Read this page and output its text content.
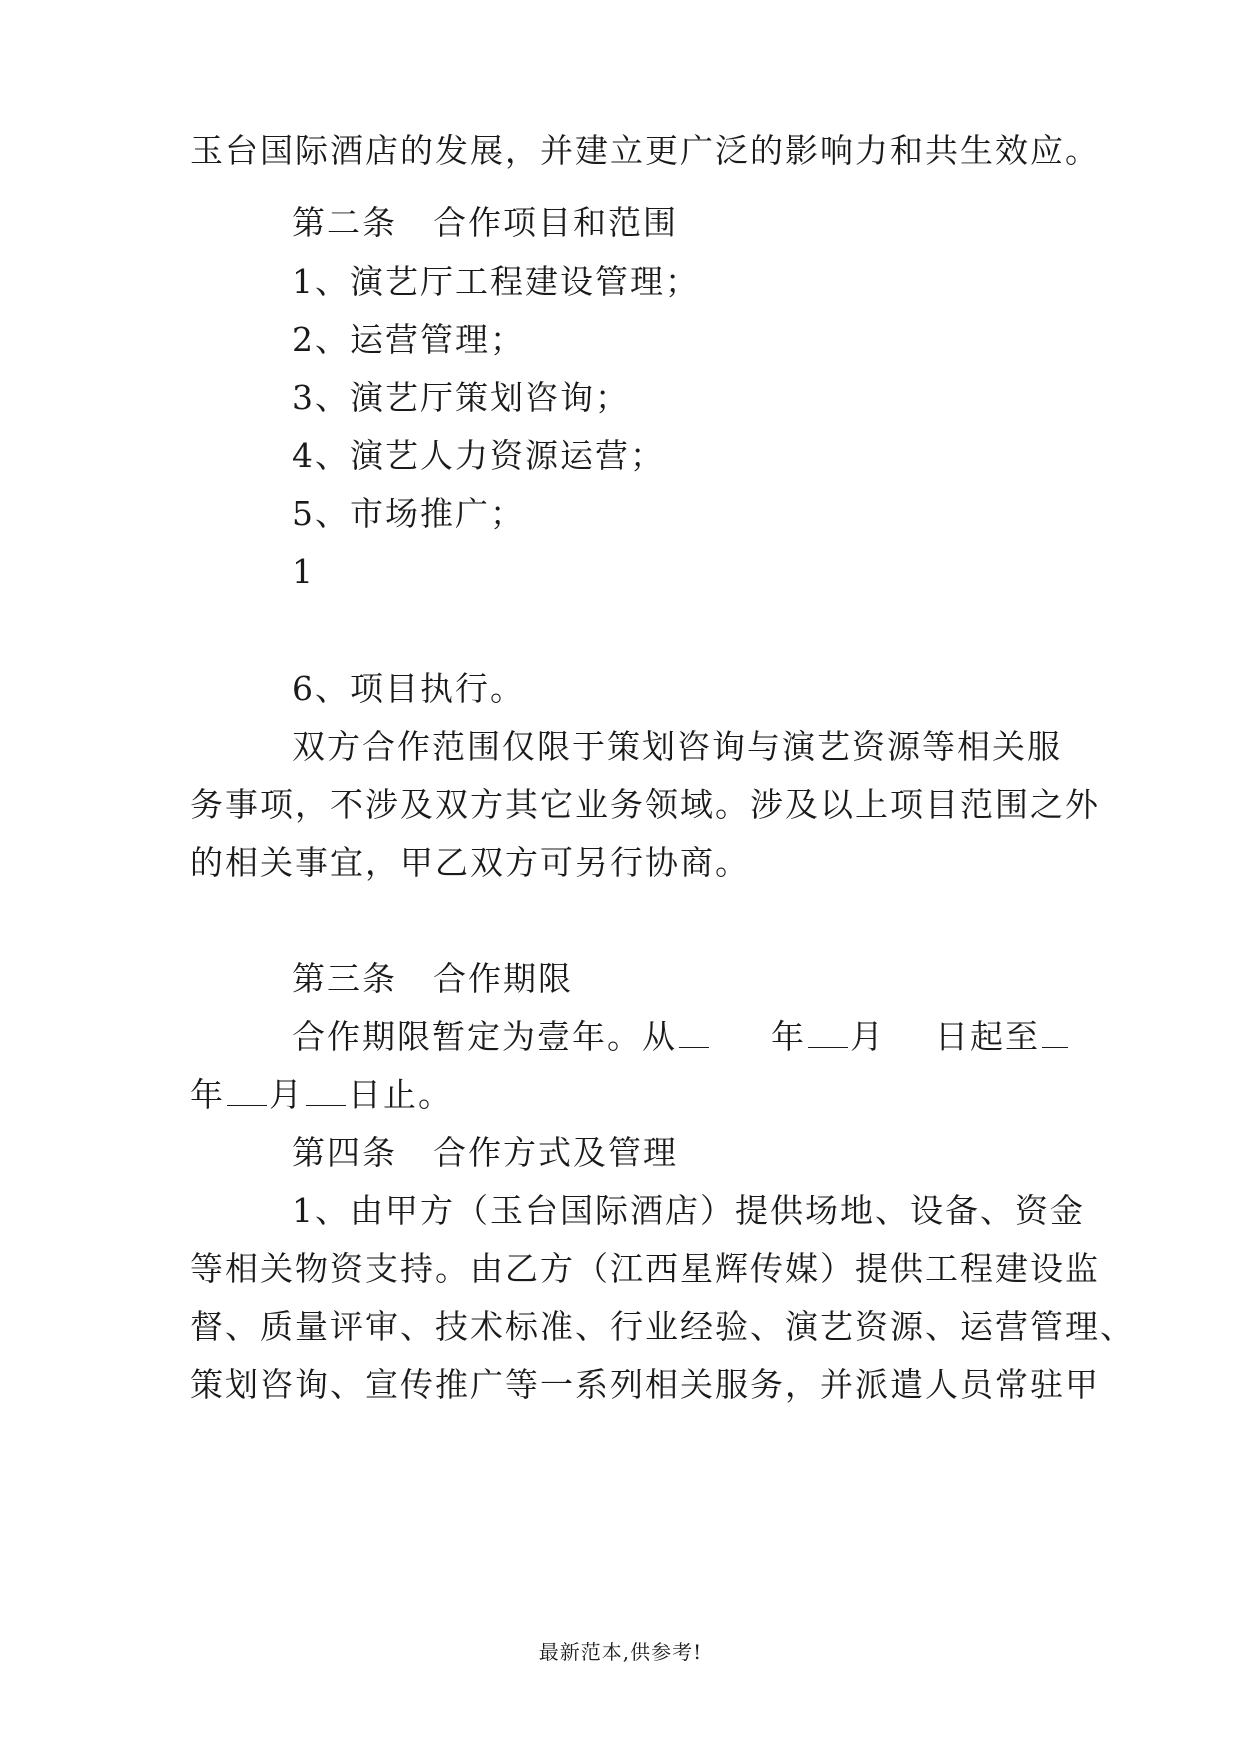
玉台国际酒店的发展，并建立更广泛的影响力和共生效应。
第二条 合作项目和范围
1、演艺厅工程建设管理；
2、运营管理；
3、演艺厅策划咨询；
4、演艺人力资源运营；
5、市场推广；
1
6、项目执行。
双方合作范围仅限于策划咨询与演艺资源等相关服
务事项，不涉及双方其它业务领域。涉及以上项目范围之外
的相关事宜，甲乙双方可另行协商。
第三条 合作期限
合作期限暂定为壹年。从	年 月 日起至
年 月 日止。
第四条 合作方式及管理
1、由甲方（玉台国际酒店）提供场地、设备、资金
等相关物资支持。由乙方（江西星辉传媒）提供工程建设监
督、质量评审、技术标准、行业经验、演艺资源、运营管理、
策划咨询、宣传推广等一系列相关服务，并派遣人员常驻甲
最新范本,供参考!
